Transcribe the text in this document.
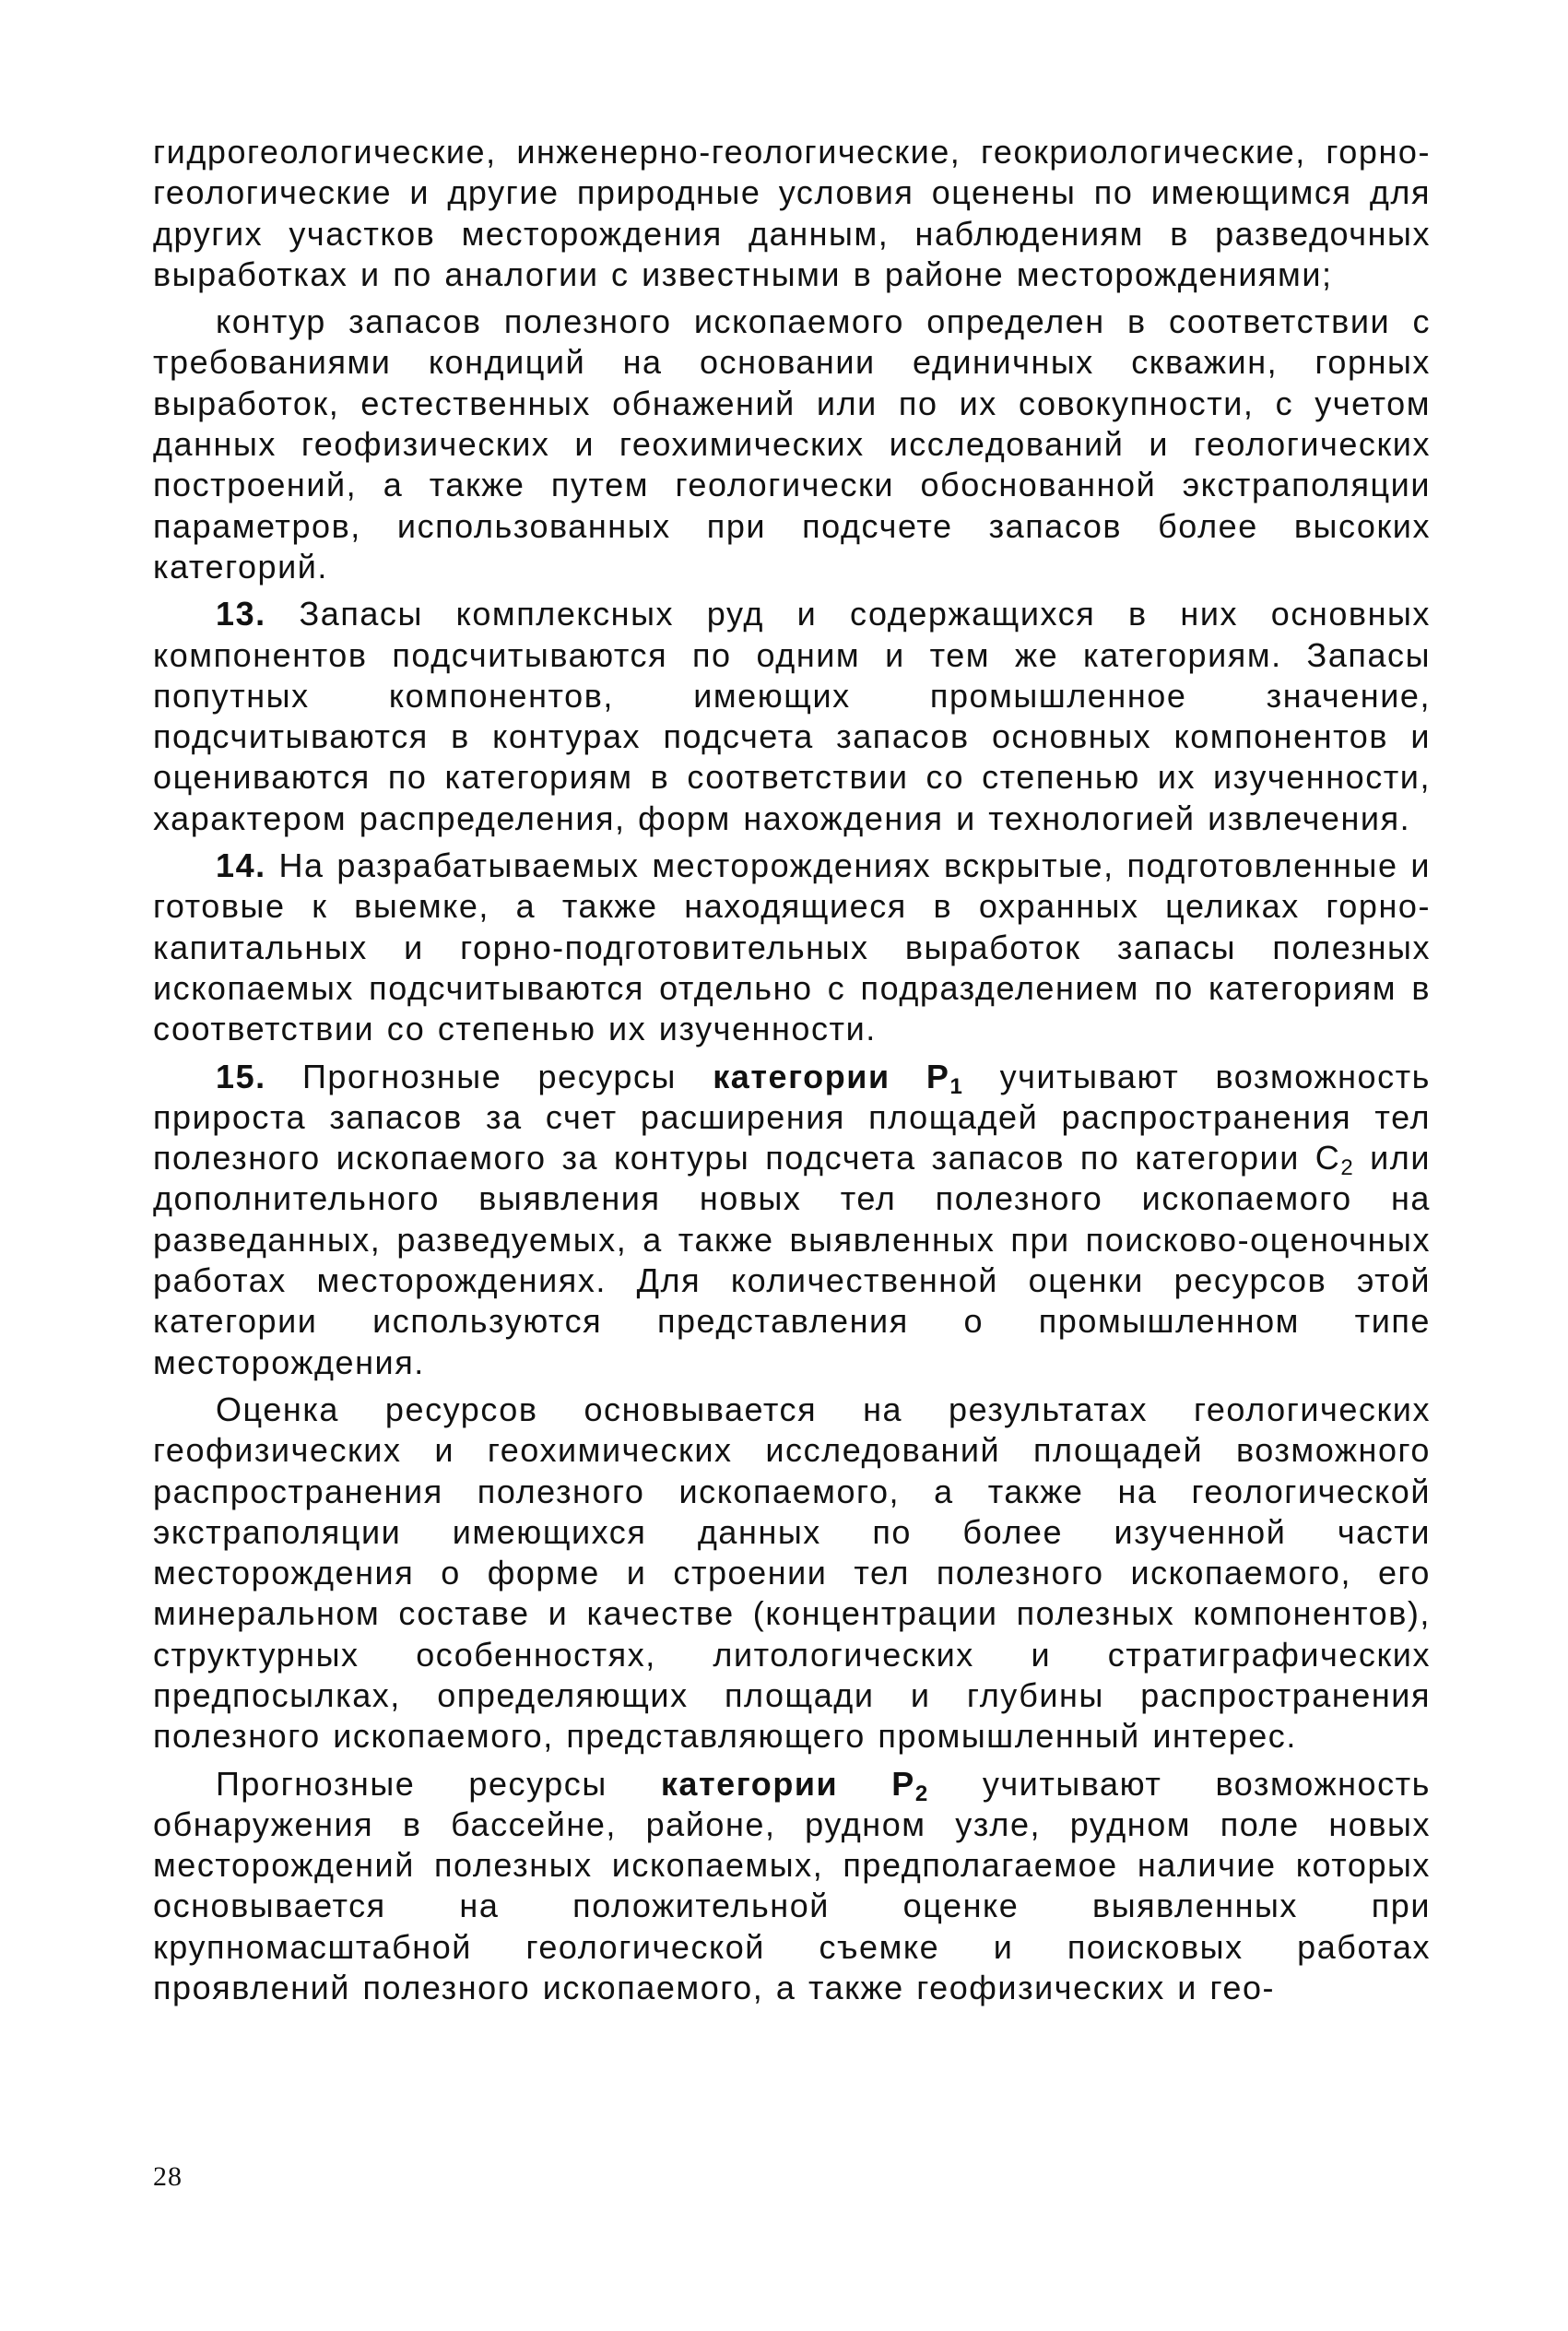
гидрогеологические, инженерно-геологические, геокриологические, горно-геологические и другие природные условия оценены по имеющимся для других участков месторождения данным, наблюдениям в разведочных выработках и по аналогии с известными в районе месторождениями;

контур запасов полезного ископаемого определен в соответствии с требованиями кондиций на основании единичных скважин, горных выработок, естественных обнажений или по их совокупности, с учетом данных геофизических и геохимических исследований и геологических построений, а также путем геологически обоснованной экстраполяции параметров, использованных при подсчете запасов более высоких категорий.

13. Запасы комплексных руд и содержащихся в них основных компонентов подсчитываются по одним и тем же категориям. Запасы попутных компонентов, имеющих промышленное значение, подсчитываются в контурах подсчета запасов основных компонентов и оцениваются по категориям в соответствии со степенью их изученности, характером распределения, форм нахождения и технологией извлечения.

14. На разрабатываемых месторождениях вскрытые, подготовленные и готовые к выемке, а также находящиеся в охранных целиках горно-капитальных и горно-подготовительных выработок запасы полезных ископаемых подсчитываются отдельно с подразделением по категориям в соответствии со степенью их изученности.

15. Прогнозные ресурсы категории $P_1$ учитывают возможность прироста запасов за счет расширения площадей распространения тел полезного ископаемого за контуры подсчета запасов по категории $C_2$ или дополнительного выявления новых тел полезного ископаемого на разведанных, разведуемых, а также выявленных при поисково-оценочных работах месторождениях. Для количественной оценки ресурсов этой категории используются представления о промышленном типе месторождения.

Оценка ресурсов основывается на результатах геологических геофизических и геохимических исследований площадей возможного распространения полезного ископаемого, а также на геологической экстраполяции имеющихся данных по более изученной части месторождения о форме и строении тел полезного ископаемого, его минеральном составе и качестве (концентрации полезных компонентов), структурных особенностях, литологических и стратиграфических предпосылках, определяющих площади и глубины распространения полезного ископаемого, представляющего промышленный интерес.

Прогнозные ресурсы категории $P_2$ учитывают возможность обнаружения в бассейне, районе, рудном узле, рудном поле новых месторождений полезных ископаемых, предполагаемое наличие которых основывается на положительной оценке выявленных при крупномасштабной геологической съемке и поисковых работах проявлений полезного ископаемого, а также геофизических и гео-

28
